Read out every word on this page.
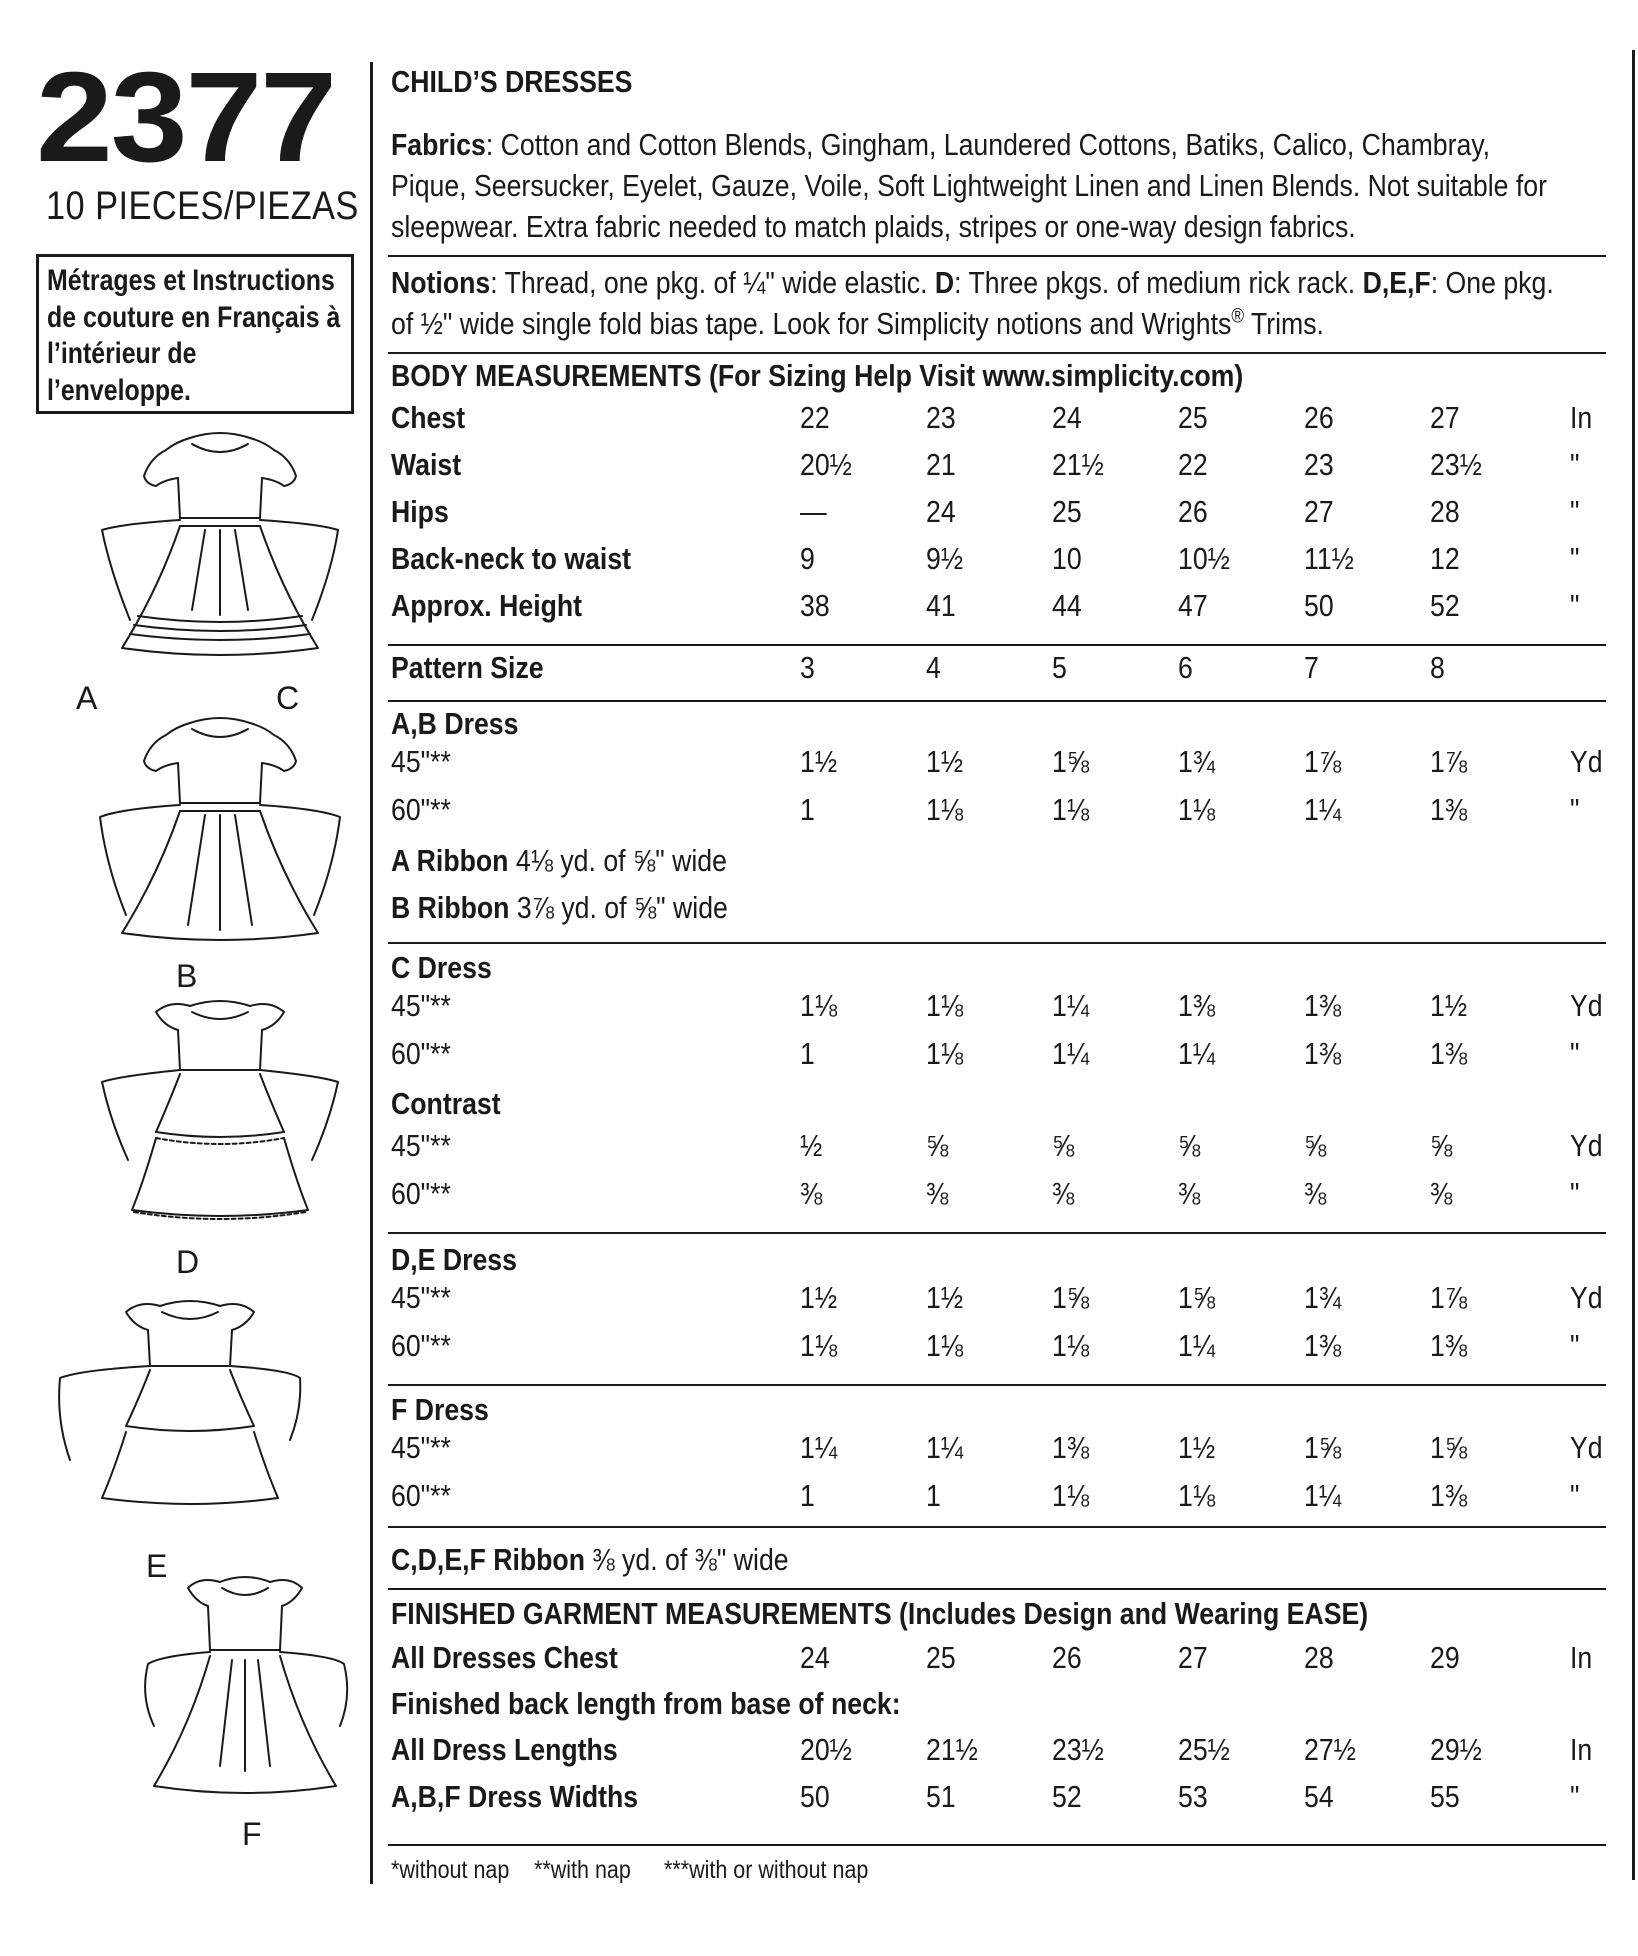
2377
10 PIECES/PIEZAS
Métrages et Instructions
de couture en Français à
l’intérieur de
l’enveloppe.
A	C
B
D
E
F
CHILD’S DRESSES
Fabrics: Cotton and Cotton Blends, Gingham, Laundered Cottons, Batiks, Calico, Chambray,
Pique, Seersucker, Eyelet, Gauze, Voile, Soft Lightweight Linen and Linen Blends. Not suitable for
sleepwear. Extra fabric needed to match plaids, stripes or one-way design fabrics.
Notions: Thread, one pkg. of ¼" wide elastic. D: Three pkgs. of medium rick rack. D,E,F: One pkg.
of ½" wide single fold bias tape. Look for Simplicity notions and Wrights® Trims.
BODY MEASUREMENTS (For Sizing Help Visit www.simplicity.com)
Chest	22	23	24	25	26	27	In
Waist	20½ 21	21½ 22	23	23½	"
Hips	—	24	25	26	27	28	"
Back-neck to waist	9	9½	10	10½ 11½ 12	"
Approx. Height	38	41	44	47	50	52	"
Pattern Size	3	4	5	6	7	8
A,B Dress
45"**	1½	1½	1⅝	1¾	1⅞	1⅞	Yd
60"**	1	1⅛	1⅛	1⅛	1¼	1⅜	"
A Ribbon 4⅛ yd. of ⅝" wide
B Ribbon 3⅞ yd. of ⅝" wide
C Dress
45"**	1⅛	1⅛	1¼	1⅜	1⅜	1½	Yd
60"**	1	1⅛	1¼	1¼	1⅜	1⅜	"
Contrast
45"**	½	⅝	⅝	⅝	⅝	⅝	Yd
60"**	⅜	⅜	⅜	⅜	⅜	⅜	"
D,E Dress
45"**	1½	1½	1⅝	1⅝	1¾	1⅞	Yd
60"**	1⅛	1⅛	1⅛	1¼	1⅜	1⅜	"
F Dress
45"**	1¼	1¼	1⅜	1½	1⅝	1⅝	Yd
60"**	1	1	1⅛	1⅛	1¼	1⅜	"
C,D,E,F Ribbon ⅜ yd. of ⅜" wide
FINISHED GARMENT MEASUREMENTS (Includes Design and Wearing EASE)
All Dresses Chest	24	25	26	27	28	29	In
Finished back length from base of neck:
All Dress Lengths	20½ 21½ 23½ 25½ 27½ 29½	In
A,B,F Dress Widths	50	51	52	53	54	55	"
*without nap **with nap ***with or without nap
